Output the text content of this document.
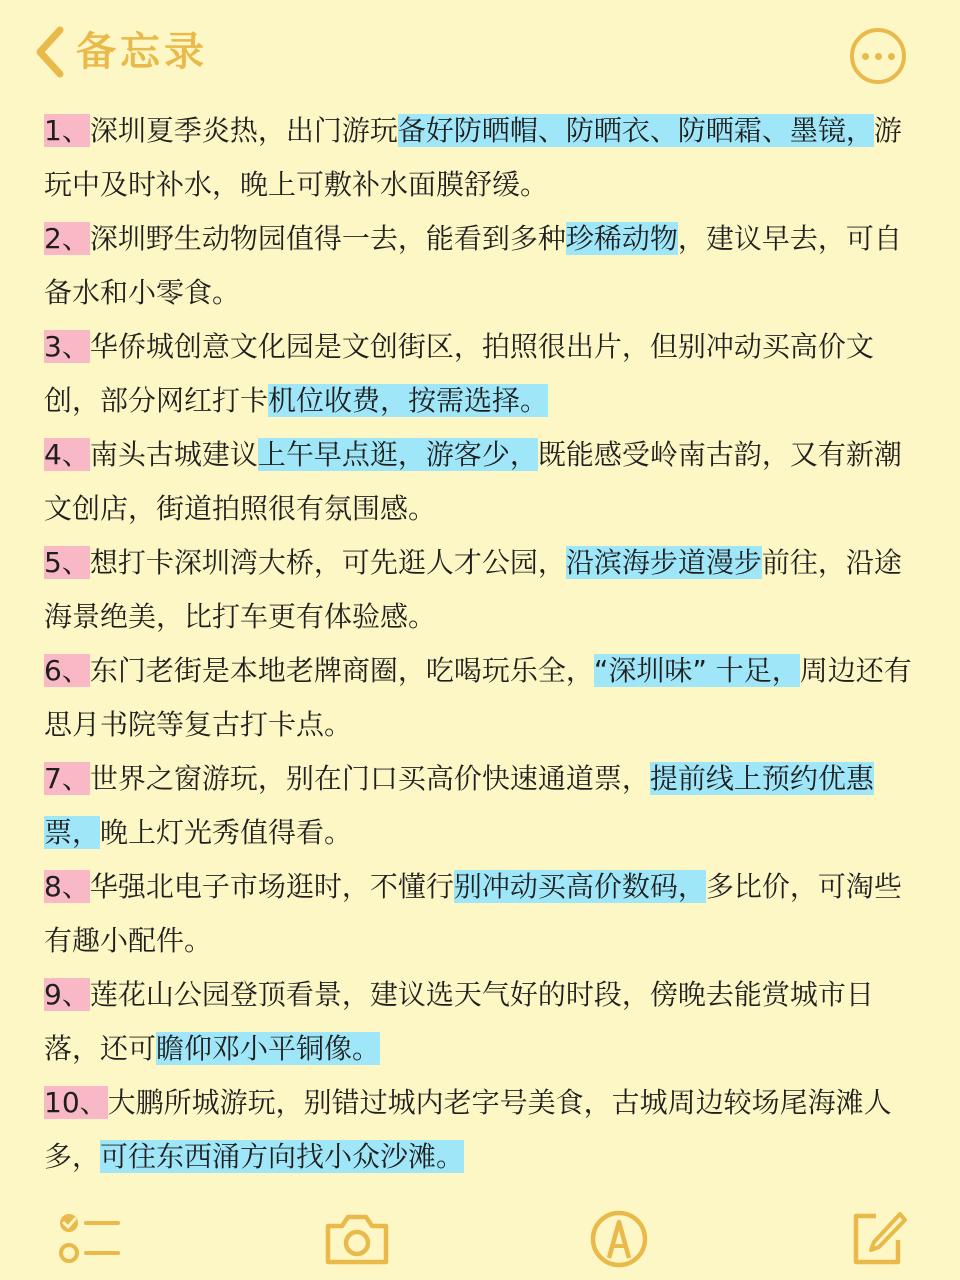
备忘录

1、深圳夏季炎热，出门游玩备好防晒帽、防晒衣、防晒霜、墨镜，游玩中及时补水，晚上可敷补水面膜舒缓。

2、深圳野生动物园值得一去，能看到多种珍稀动物，建议早去，可自备水和小零食。

3、华侨城创意文化园是文创街区，拍照很出片，但别冲动买高价文创，部分网红打卡机位收费，按需选择。

4、南头古城建议上午早点逛，游客少，既能感受岭南古韵，又有新潮文创店，街道拍照很有氛围感。

5、想打卡深圳湾大桥，可先逛人才公园，沿滨海步道漫步前往，沿途海景绝美，比打车更有体验感。

6、东门老街是本地老牌商圈，吃喝玩乐全，“深圳味” 十足，周边还有思月书院等复古打卡点。

7、世界之窗游玩，别在门口买高价快速通道票，提前线上预约优惠票，晚上灯光秀值得看。

8、华强北电子市场逛时，不懂行别冲动买高价数码，多比价，可淘些有趣小配件。

9、莲花山公园登顶看景，建议选天气好的时段，傍晚去能赏城市日落，还可瞻仰邓小平铜像。

10、大鹏所城游玩，别错过城内老字号美食，古城周边较场尾海滩人多，可往东西涌方向找小众沙滩。
